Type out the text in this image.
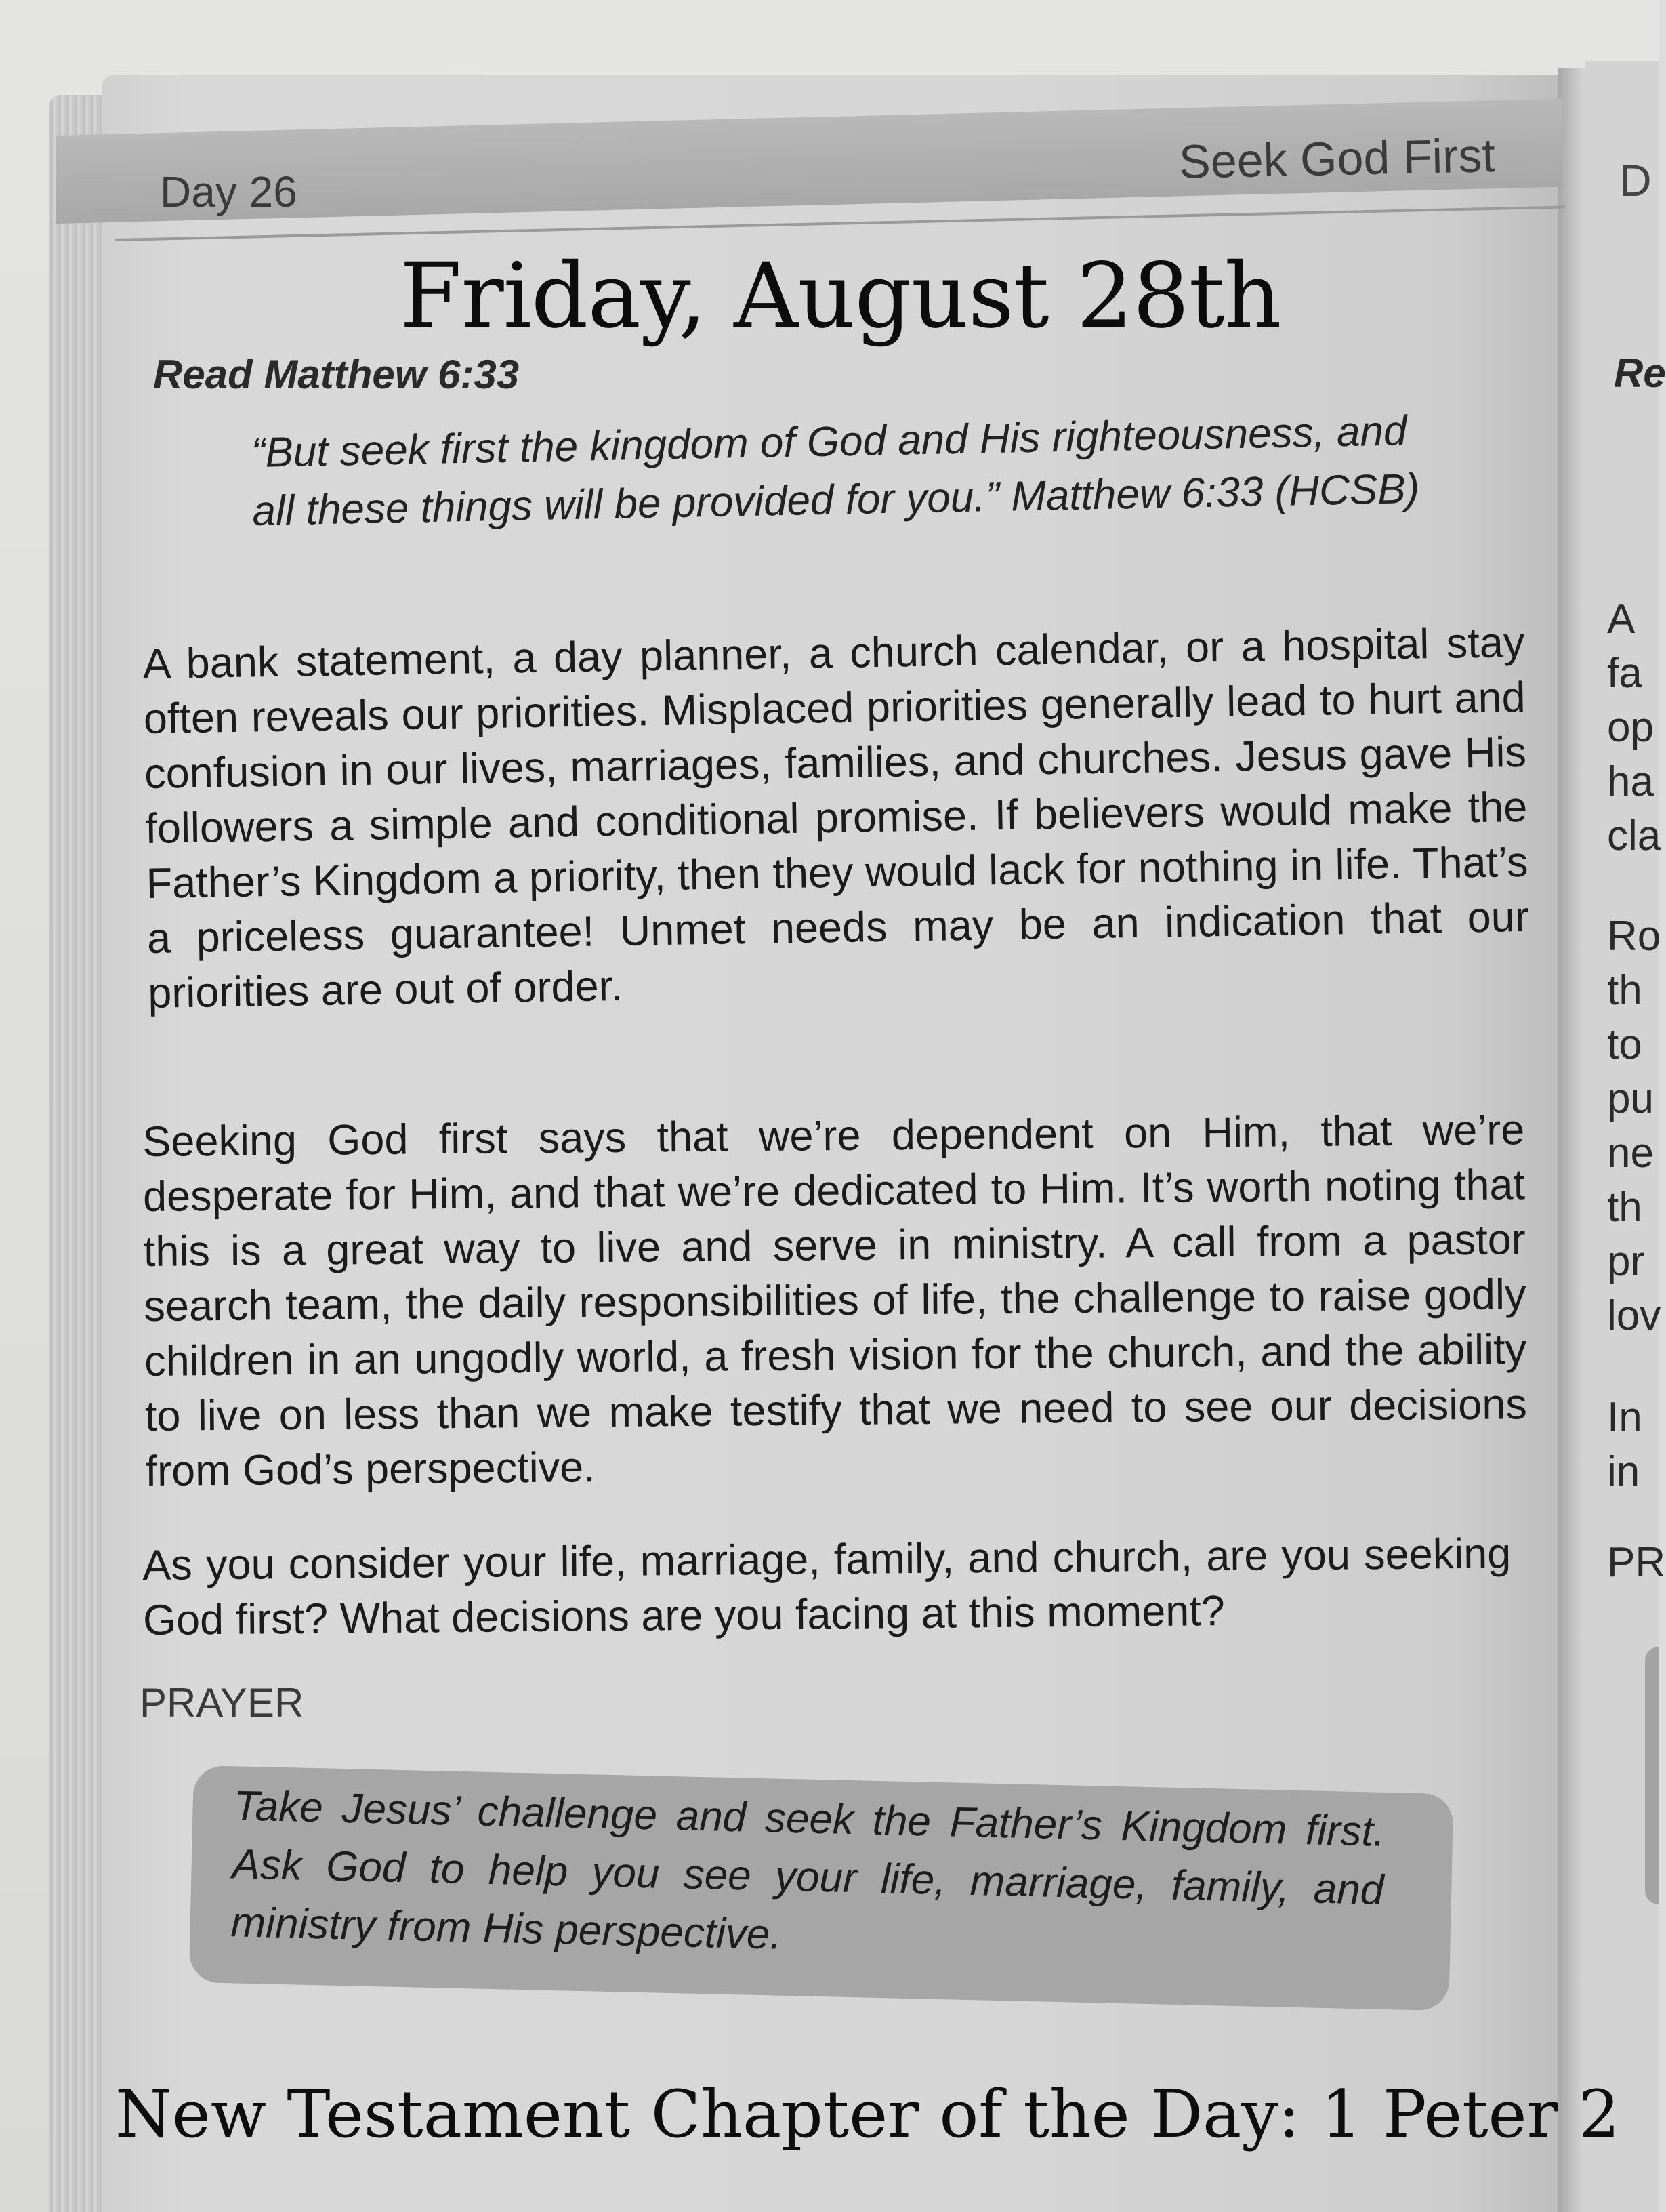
Day 26
Seek God First	D
Friday, August 28th
Read Matthew 6:33	Re
“But seek first the kingdom of God and His righteousness, and all these things will be provided for you.” Matthew 6:33 (HCSB)
A bank statement, a day planner, a church calendar, or a hospital stay often reveals our priorities. Misplaced priorities generally lead to hurt and confusion in our lives, marriages, families, and churches. Jesus gave His followers a simple and conditional promise. If believers would make the Father’s Kingdom a priority, then they would lack for nothing in life. That’s a priceless guarantee! Unmet needs may be an indication that our priorities are out of order.
Seeking God first says that we’re dependent on Him, that we’re desperate for Him, and that we’re dedicated to Him. It’s worth noting that this is a great way to live and serve in ministry. A call from a pastor search team, the daily responsibilities of life, the challenge to raise godly children in an ungodly world, a fresh vision for the church, and the ability to live on less than we make testify that we need to see our decisions from God’s perspective.
As you consider your life, marriage, family, and church, are you seeking God first? What decisions are you facing at this moment?
PRAYER
Take Jesus’ challenge and seek the Father’s Kingdom first. Ask God to help you see your life, marriage, family, and ministry from His perspective.
New Testament Chapter of the Day: 1 Peter 2
A
fa
op
ha
cla
Ro
th
to
pu
ne
th
pr
lov
In
in
PR
